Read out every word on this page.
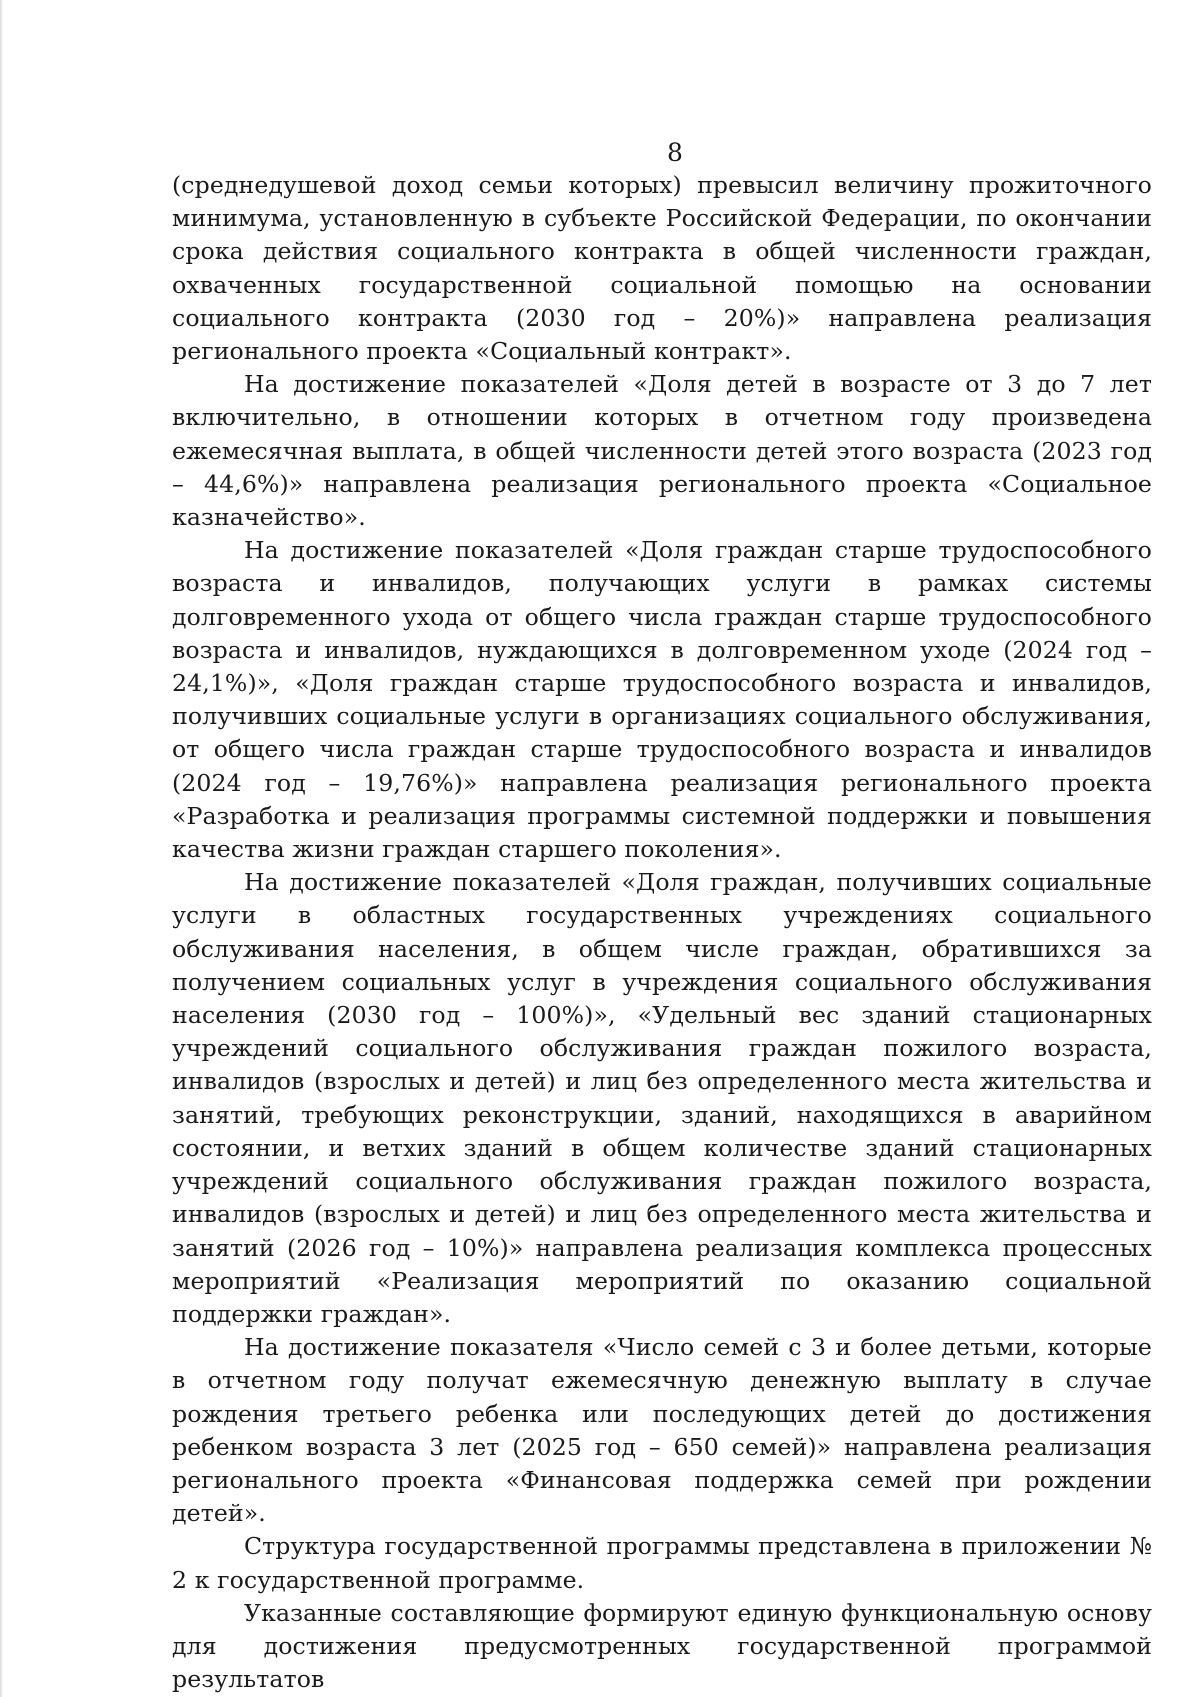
8

(среднедушевой доход семьи которых) превысил величину прожиточного минимума, установленную в субъекте Российской Федерации, по окончании срока действия социального контракта в общей численности граждан, охваченных государственной социальной помощью на основании социального контракта (2030 год – 20%)» направлена реализация регионального проекта «Социальный контракт».

На достижение показателей «Доля детей в возрасте от 3 до 7 лет включительно, в отношении которых в отчетном году произведена ежемесячная выплата, в общей численности детей этого возраста (2023 год – 44,6%)» направлена реализация регионального проекта «Социальное казначейство».

На достижение показателей «Доля граждан старше трудоспособного возраста и инвалидов, получающих услуги в рамках системы долговременного ухода от общего числа граждан старше трудоспособного возраста и инвалидов, нуждающихся в долговременном уходе (2024 год – 24,1%)», «Доля граждан старше трудоспособного возраста и инвалидов, получивших социальные услуги в организациях социального обслуживания, от общего числа граждан старше трудоспособного возраста и инвалидов (2024 год – 19,76%)» направлена реализация регионального проекта «Разработка и реализация программы системной поддержки и повышения качества жизни граждан старшего поколения».

На достижение показателей «Доля граждан, получивших социальные услуги в областных государственных учреждениях социального обслуживания населения, в общем числе граждан, обратившихся за получением социальных услуг в учреждения социального обслуживания населения (2030 год – 100%)», «Удельный вес зданий стационарных учреждений социального обслуживания граждан пожилого возраста, инвалидов (взрослых и детей) и лиц без определенного места жительства и занятий, требующих реконструкции, зданий, находящихся в аварийном состоянии, и ветхих зданий в общем количестве зданий стационарных учреждений социального обслуживания граждан пожилого возраста, инвалидов (взрослых и детей) и лиц без определенного места жительства и занятий (2026 год – 10%)» направлена реализация комплекса процессных мероприятий «Реализация мероприятий по оказанию социальной поддержки граждан».

На достижение показателя «Число семей с 3 и более детьми, которые в отчетном году получат ежемесячную денежную выплату в случае рождения третьего ребенка или последующих детей до достижения ребенком возраста 3 лет (2025 год – 650 семей)» направлена реализация регионального проекта «Финансовая поддержка семей при рождении детей».

Структура государственной программы представлена в приложении № 2 к государственной программе.

Указанные составляющие формируют единую функциональную основу для достижения предусмотренных государственной программой результатов
